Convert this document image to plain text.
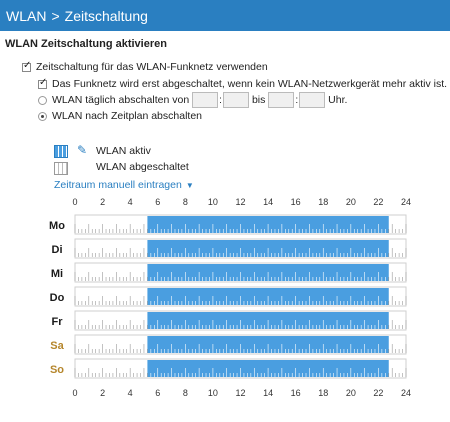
WLAN > Zeitschaltung
WLAN Zeitschaltung aktivieren
✓
Zeitschaltung für das WLAN-Funknetz verwenden
✓
Das Funknetz wird erst abgeschaltet, wenn kein WLAN-Netzwerkgerät mehr aktiv ist.
WLAN täglich abschalten von	:	bis	:	Uhr.
WLAN nach Zeitplan abschalten
✎ WLAN aktiv
WLAN abgeschaltet
Zeitraum manuell eintragen ▼
0
0
2
2
4
4
6
6
8
8
10
10
12
12
14
14
16
16
18
18
20
20
22
22
24
24
Mo
Di
Mi
Do
Fr
Sa
So
